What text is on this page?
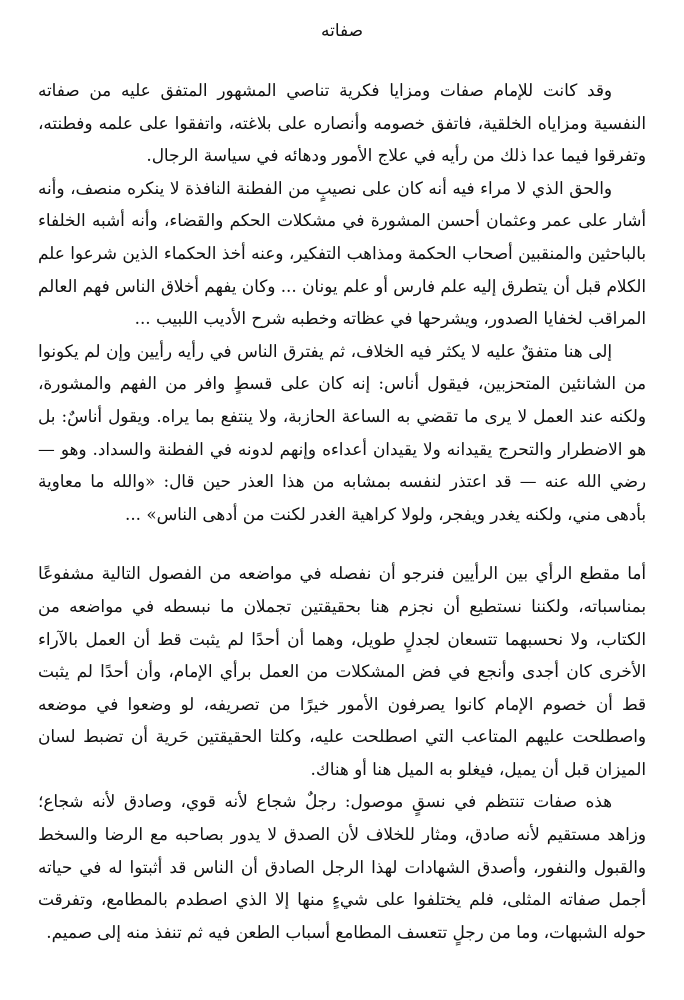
صفاته

وقد كانت للإمام صفات ومزايا فكرية تناصي المشهور المتفق عليه من صفاته النفسية ومزاياه الخلقية، فاتفق خصومه وأنصاره على بلاغته، واتفقوا على علمه وفطنته، وتفرقوا فيما عدا ذلك من رأيه في علاج الأمور ودهائه في سياسة الرجال.

والحق الذي لا مراء فيه أنه كان على نصيبٍ من الفطنة النافذة لا ينكره منصف، وأنه أشار على عمر وعثمان أحسن المشورة في مشكلات الحكم والقضاء، وأنه أشبه الخلفاء بالباحثين والمنقبين أصحاب الحكمة ومذاهب التفكير، وعنه أخذ الحكماء الذين شرعوا علم الكلام قبل أن يتطرق إليه علم فارس أو علم يونان ... وكان يفهم أخلاق الناس فهم العالم المراقب لخفايا الصدور، ويشرحها في عظاته وخطبه شرح الأديب اللبيب ...

إلى هنا متفقٌ عليه لا يكثر فيه الخلاف، ثم يفترق الناس في رأيه رأيين وإن لم يكونوا من الشانئين المتحزبين، فيقول أناس: إنه كان على قسطٍ وافر من الفهم والمشورة، ولكنه عند العمل لا يرى ما تقضي به الساعة الحازبة، ولا ينتفع بما يراه. ويقول أناسٌ: بل هو الاضطرار والتحرج يقيدانه ولا يقيدان أعداءه وإنهم لدونه في الفطنة والسداد. وهو — رضي الله عنه — قد اعتذر لنفسه بمشابه من هذا العذر حين قال: «والله ما معاوية بأدهى مني، ولكنه يغدر ويفجر، ولولا كراهية الغدر لكنت من أدهى الناس» ...

أما مقطع الرأي بين الرأيين فنرجو أن نفصله في مواضعه من الفصول التالية مشفوعًا بمناسباته، ولكننا نستطيع أن نجزم هنا بحقيقتين تجملان ما نبسطه في مواضعه من الكتاب، ولا نحسبهما تتسعان لجدلٍ طويل، وهما أن أحدًا لم يثبت قط أن العمل بالآراء الأخرى كان أجدى وأنجع في فض المشكلات من العمل برأي الإمام، وأن أحدًا لم يثبت قط أن خصوم الإمام كانوا يصرفون الأمور خيرًا من تصريفه، لو وضعوا في موضعه واصطلحت عليهم المتاعب التي اصطلحت عليه، وكلتا الحقيقتين حَرية أن تضبط لسان الميزان قبل أن يميل، فيغلو به الميل هنا أو هناك.

هذه صفات تنتظم في نسقٍ موصول: رجلٌ شجاع لأنه قوي، وصادق لأنه شجاع؛ وزاهد مستقيم لأنه صادق، ومثار للخلاف لأن الصدق لا يدور بصاحبه مع الرضا والسخط والقبول والنفور، وأصدق الشهادات لهذا الرجل الصادق أن الناس قد أثبتوا له في حياته أجمل صفاته المثلى، فلم يختلفوا على شيءٍ منها إلا الذي اصطدم بالمطامع، وتفرقت حوله الشبهات، وما من رجلٍ تتعسف المطامع أسباب الطعن فيه ثم تنفذ منه إلى صميم.
